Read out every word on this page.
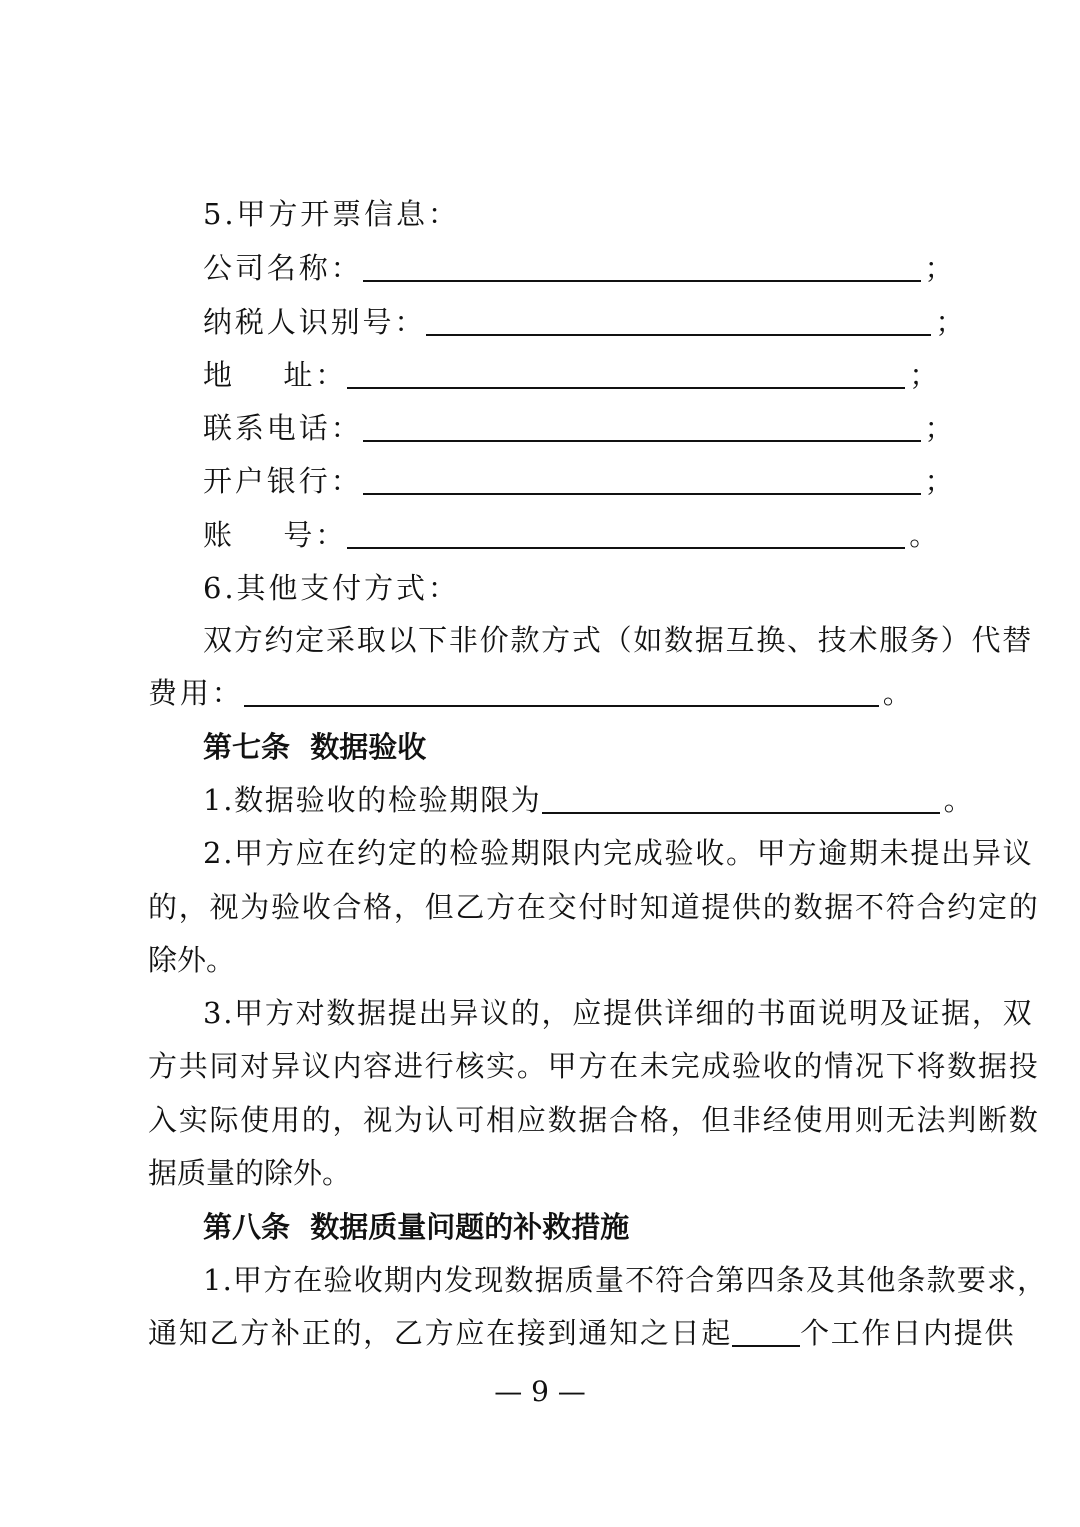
5.甲方开票信息：
公司名称：	；
纳税人识别号：	；
地    址：	；
联系电话：	；
开户银行：	；
账    号：	。
6.其他支付方式：
双方约定采取以下非价款方式（如数据互换、技术服务）代替
费用：	。
第七条  数据验收
1.数据验收的检验期限为	。
2.甲方应在约定的检验期限内完成验收。甲方逾期未提出异议
的，视为验收合格，但乙方在交付时知道提供的数据不符合约定的
除外。
3.甲方对数据提出异议的，应提供详细的书面说明及证据，双
方共同对异议内容进行核实。甲方在未完成验收的情况下将数据投
入实际使用的，视为认可相应数据合格，但非经使用则无法判断数
据质量的除外。
第八条  数据质量问题的补救措施
1.甲方在验收期内发现数据质量不符合第四条及其他条款要求，
通知乙方补正的，乙方应在接到通知之日起 个工作日内提供
— 9 —
